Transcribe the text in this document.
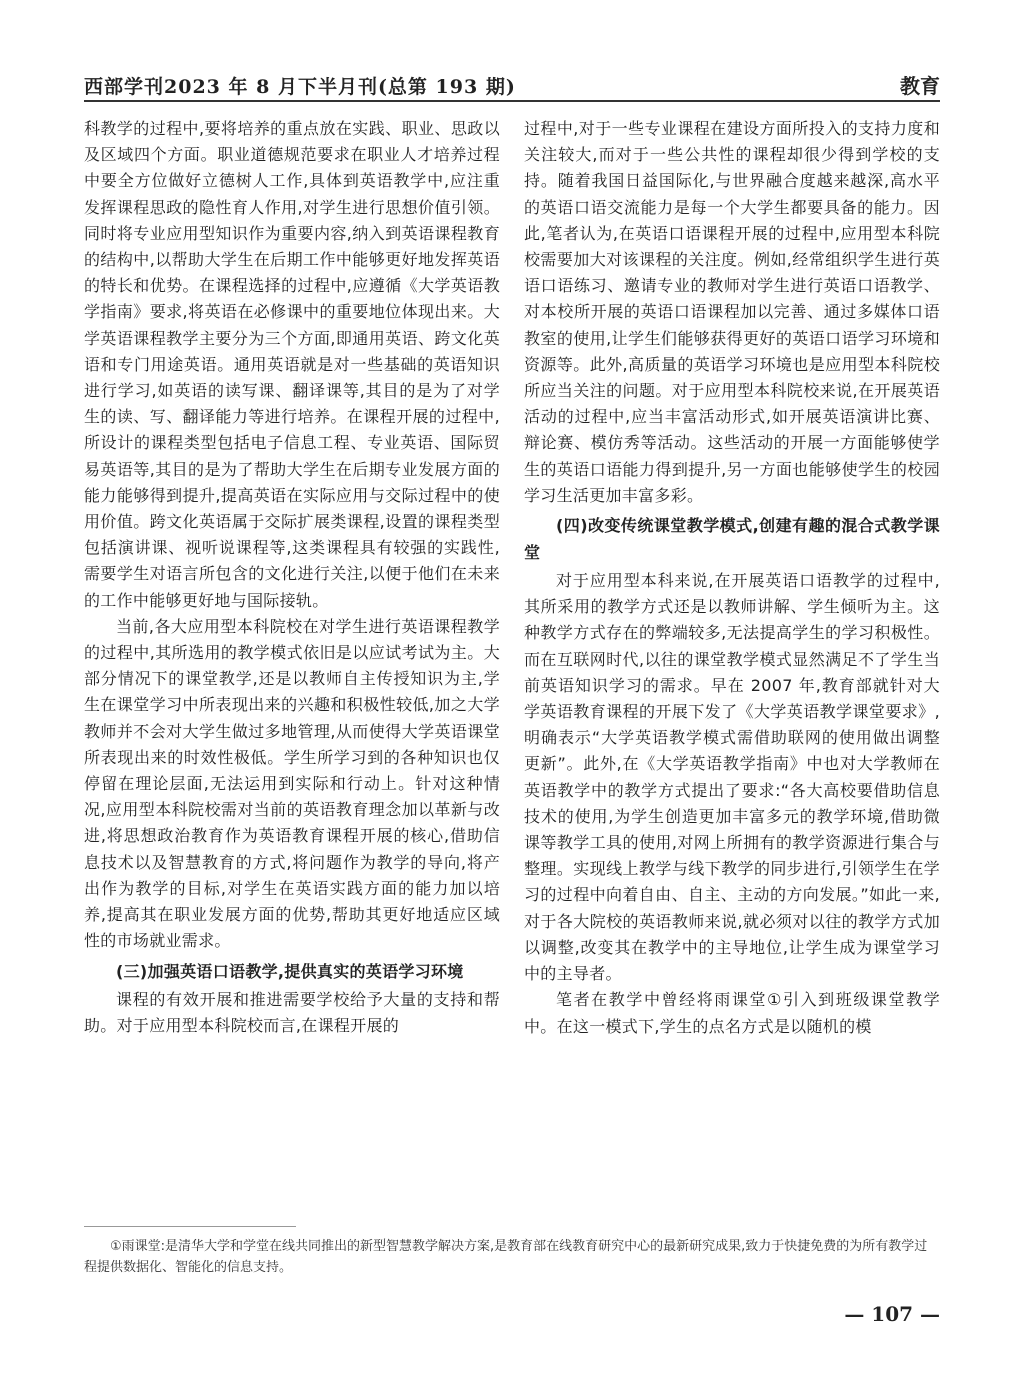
西部学刊2023 年 8 月下半月刊(总第 193 期)	教育

科教学的过程中,要将培养的重点放在实践、职业、思政以及区域四个方面。职业道德规范要求在职业人才培养过程中要全方位做好立德树人工作,具体到英语教学中,应注重发挥课程思政的隐性育人作用,对学生进行思想价值引领。同时将专业应用型知识作为重要内容,纳入到英语课程教育的结构中,以帮助大学生在后期工作中能够更好地发挥英语的特长和优势。在课程选择的过程中,应遵循《大学英语教学指南》要求,将英语在必修课中的重要地位体现出来。大学英语课程教学主要分为三个方面,即通用英语、跨文化英语和专门用途英语。通用英语就是对一些基础的英语知识进行学习,如英语的读写课、翻译课等,其目的是为了对学生的读、写、翻译能力等进行培养。在课程开展的过程中,所设计的课程类型包括电子信息工程、专业英语、国际贸易英语等,其目的是为了帮助大学生在后期专业发展方面的能力能够得到提升,提高英语在实际应用与交际过程中的使用价值。跨文化英语属于交际扩展类课程,设置的课程类型包括演讲课、视听说课程等,这类课程具有较强的实践性,需要学生对语言所包含的文化进行关注,以便于他们在未来的工作中能够更好地与国际接轨。

当前,各大应用型本科院校在对学生进行英语课程教学的过程中,其所选用的教学模式依旧是以应试考试为主。大部分情况下的课堂教学,还是以教师自主传授知识为主,学生在课堂学习中所表现出来的兴趣和积极性较低,加之大学教师并不会对大学生做过多地管理,从而使得大学英语课堂所表现出来的时效性极低。学生所学习到的各种知识也仅停留在理论层面,无法运用到实际和行动上。针对这种情况,应用型本科院校需对当前的英语教育理念加以革新与改进,将思想政治教育作为英语教育课程开展的核心,借助信息技术以及智慧教育的方式,将问题作为教学的导向,将产出作为教学的目标,对学生在英语实践方面的能力加以培养,提高其在职业发展方面的优势,帮助其更好地适应区域性的市场就业需求。

(三)加强英语口语教学,提供真实的英语学习环境

课程的有效开展和推进需要学校给予大量的支持和帮助。对于应用型本科院校而言,在课程开展的

过程中,对于一些专业课程在建设方面所投入的支持力度和关注较大,而对于一些公共性的课程却很少得到学校的支持。随着我国日益国际化,与世界融合度越来越深,高水平的英语口语交流能力是每一个大学生都要具备的能力。因此,笔者认为,在英语口语课程开展的过程中,应用型本科院校需要加大对该课程的关注度。例如,经常组织学生进行英语口语练习、邀请专业的教师对学生进行英语口语教学、对本校所开展的英语口语课程加以完善、通过多媒体口语教室的使用,让学生们能够获得更好的英语口语学习环境和资源等。此外,高质量的英语学习环境也是应用型本科院校所应当关注的问题。对于应用型本科院校来说,在开展英语活动的过程中,应当丰富活动形式,如开展英语演讲比赛、辩论赛、模仿秀等活动。这些活动的开展一方面能够使学生的英语口语能力得到提升,另一方面也能够使学生的校园学习生活更加丰富多彩。

(四)改变传统课堂教学模式,创建有趣的混合式教学课堂

对于应用型本科来说,在开展英语口语教学的过程中,其所采用的教学方式还是以教师讲解、学生倾听为主。这种教学方式存在的弊端较多,无法提高学生的学习积极性。而在互联网时代,以往的课堂教学模式显然满足不了学生当前英语知识学习的需求。早在 2007 年,教育部就针对大学英语教育课程的开展下发了《大学英语教学课堂要求》,明确表示“大学英语教学模式需借助联网的使用做出调整更新”。此外,在《大学英语教学指南》中也对大学教师在英语教学中的教学方式提出了要求:“各大高校要借助信息技术的使用,为学生创造更加丰富多元的教学环境,借助微课等教学工具的使用,对网上所拥有的教学资源进行集合与整理。实现线上教学与线下教学的同步进行,引领学生在学习的过程中向着自由、自主、主动的方向发展。”如此一来,对于各大院校的英语教师来说,就必须对以往的教学方式加以调整,改变其在教学中的主导地位,让学生成为课堂学习中的主导者。

笔者在教学中曾经将雨课堂①引入到班级课堂教学中。在这一模式下,学生的点名方式是以随机的模

①雨课堂:是清华大学和学堂在线共同推出的新型智慧教学解决方案,是教育部在线教育研究中心的最新研究成果,致力于快捷免费的为所有教学过程提供数据化、智能化的信息支持。
— 107 —
